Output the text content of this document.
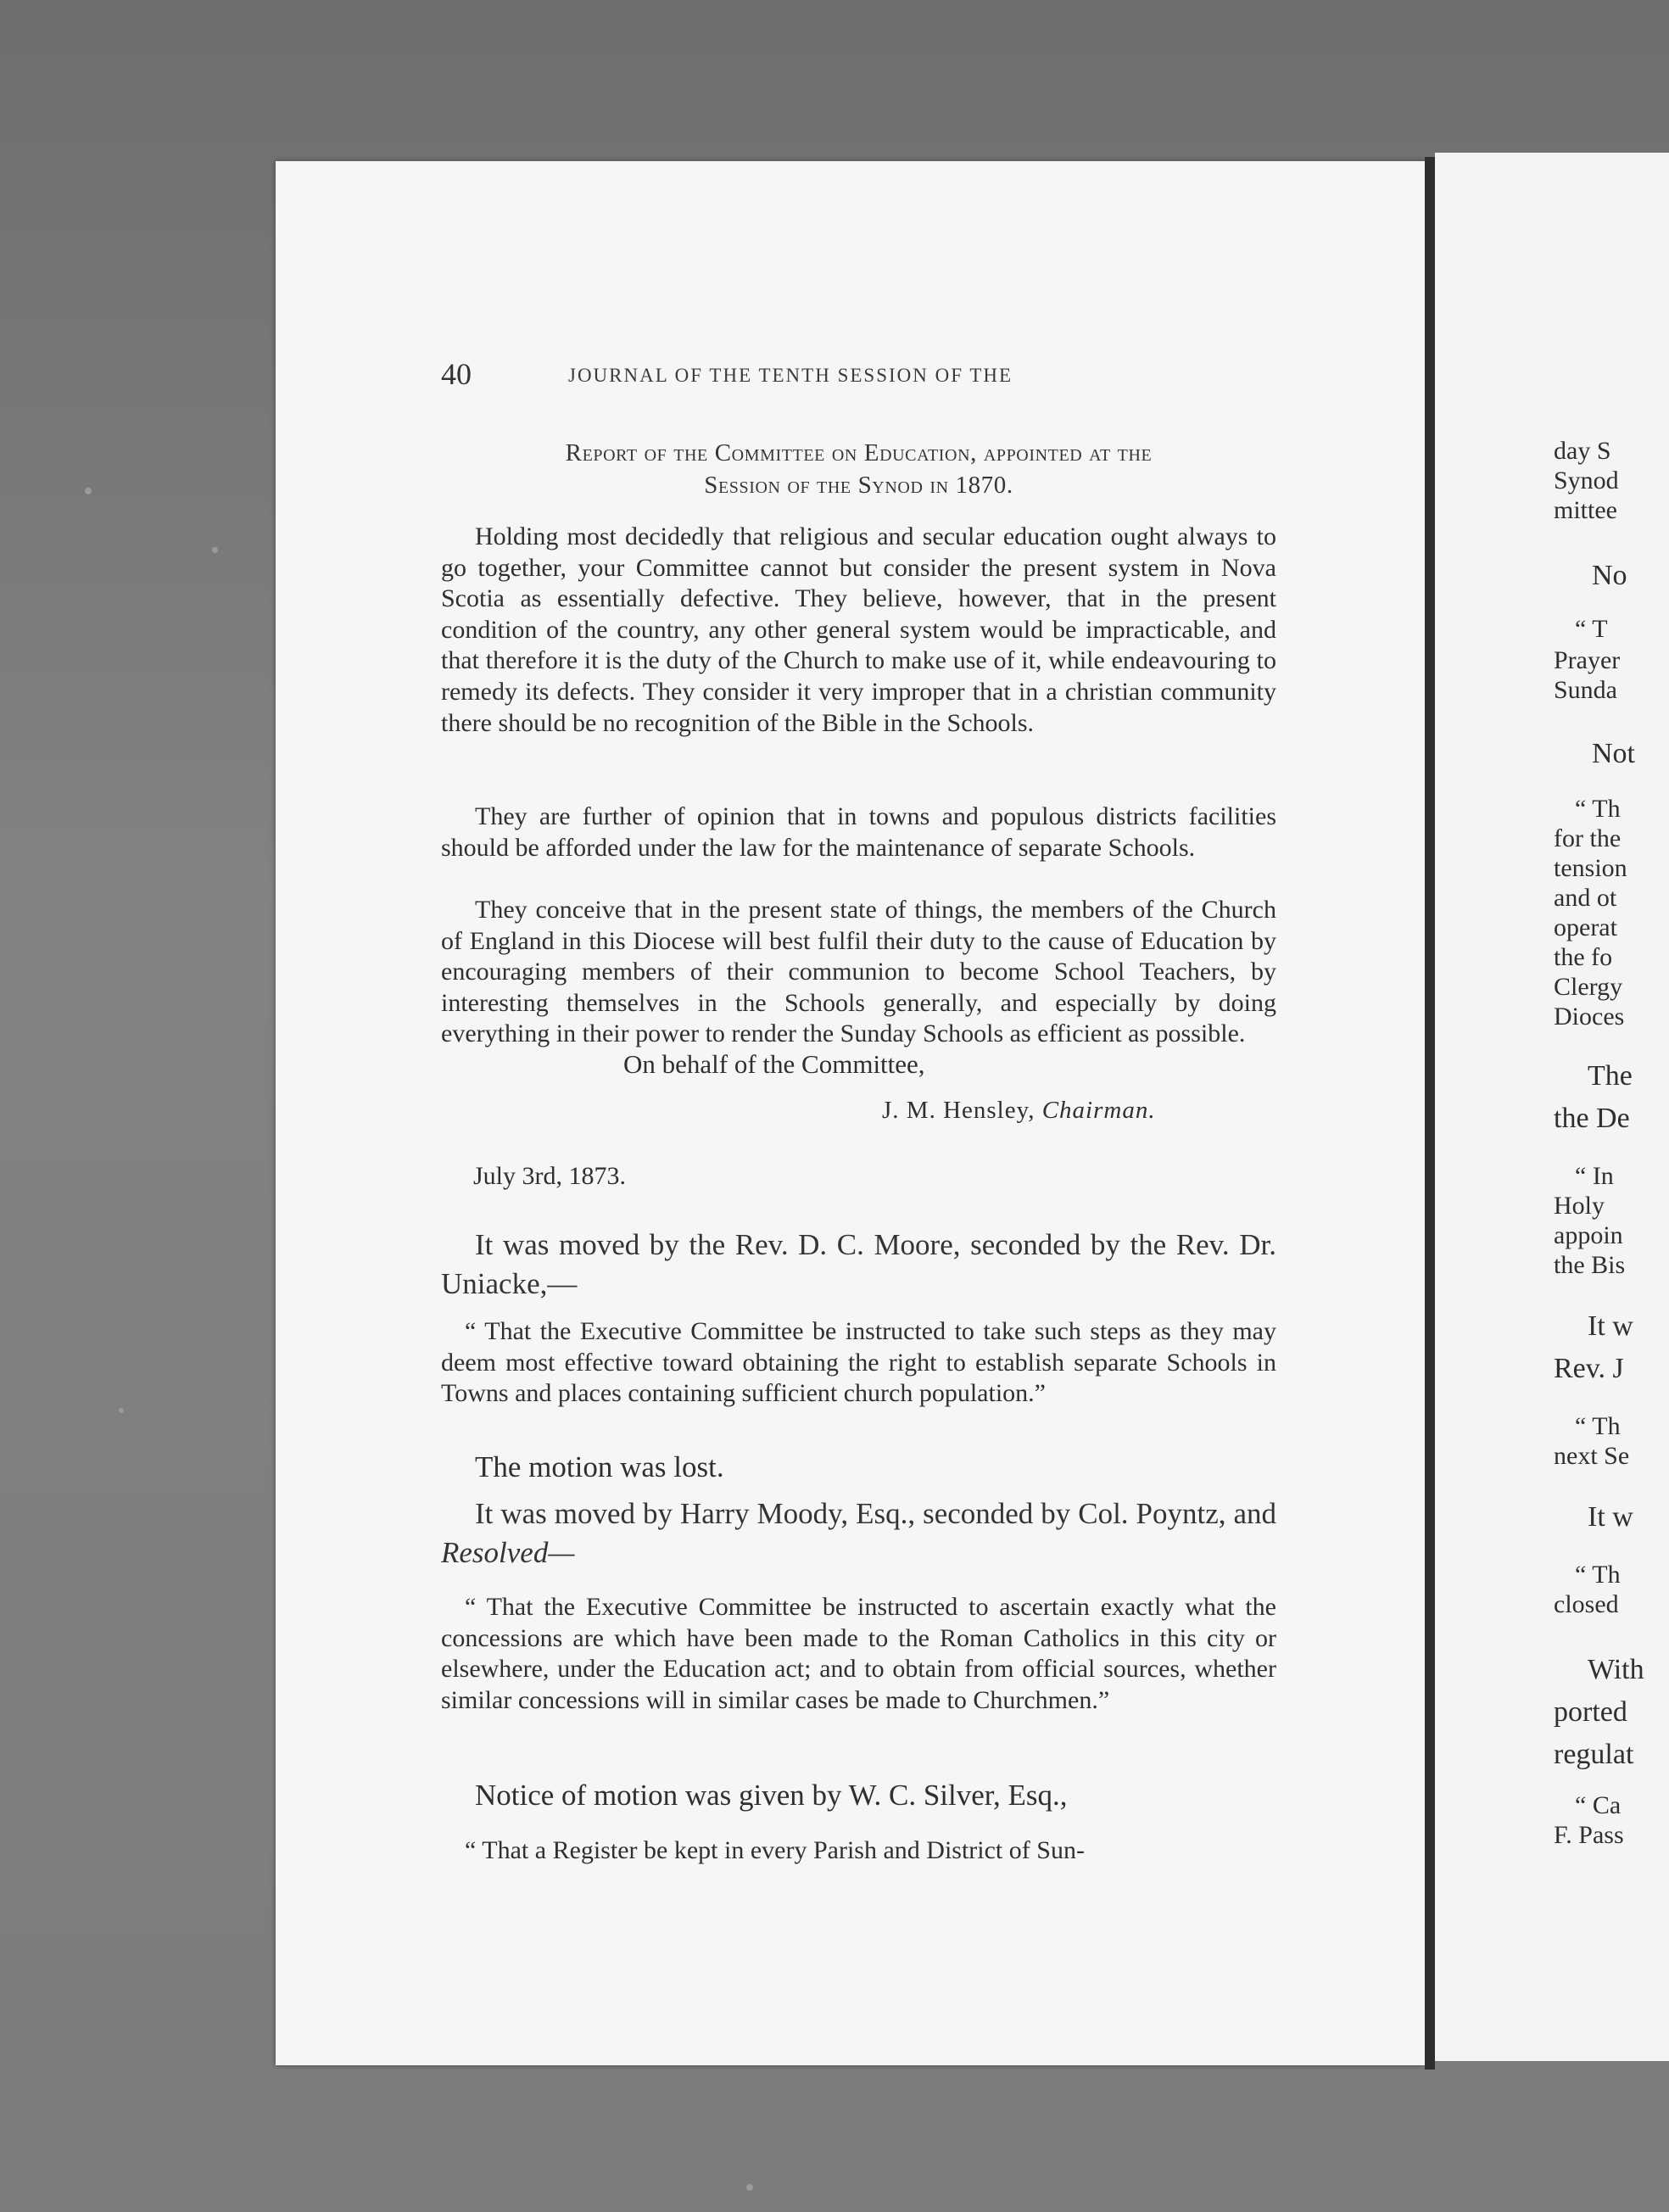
40	JOURNAL OF THE TENTH SESSION OF THE
Report of the Committee on Education, appointed at the
Session of the Synod in 1870.
Holding most decidedly that religious and secular education ought always to go together, your Committee cannot but consider the present system in Nova Scotia as essentially defective. They believe, however, that in the present condition of the country, any other general system would be impracticable, and that therefore it is the duty of the Church to make use of it, while endeavouring to remedy its defects. They consider it very improper that in a christian community there should be no recognition of the Bible in the Schools.
They are further of opinion that in towns and populous districts facilities should be afforded under the law for the maintenance of separate Schools.
They conceive that in the present state of things, the members of the Church of England in this Diocese will best fulfil their duty to the cause of Education by encouraging members of their communion to become School Teachers, by interesting themselves in the Schools generally, and especially by doing everything in their power to render the Sunday Schools as efficient as possible.
On behalf of the Committee,
J. M. Hensley, Chairman.
July 3rd, 1873.
It was moved by the Rev. D. C. Moore, seconded by the Rev. Dr. Uniacke,—
“ That the Executive Committee be instructed to take such steps as they may deem most effective toward obtaining the right to establish separate Schools in Towns and places containing sufficient church population.”
The motion was lost.
It was moved by Harry Moody, Esq., seconded by Col. Poyntz, and Resolved—
“ That the Executive Committee be instructed to ascertain exactly what the concessions are which have been made to the Roman Catholics in this city or elsewhere, under the Education act; and to obtain from official sources, whether similar concessions will in similar cases be made to Churchmen.”
Notice of motion was given by W. C. Silver, Esq.,
“ That a Register be kept in every Parish and District of Sun-
day S
Synod
mittee
No
“ T
Prayer
Sunda
Not
“ Th
for the
tension
and ot
operat
the fo
Clergy
Dioces
The
the De
“ In
Holy
appoin
the Bis
It w
Rev. J
“ Th
next Se
It w
“ Th
closed
With
ported
regulat
“ Ca
F. Pass
